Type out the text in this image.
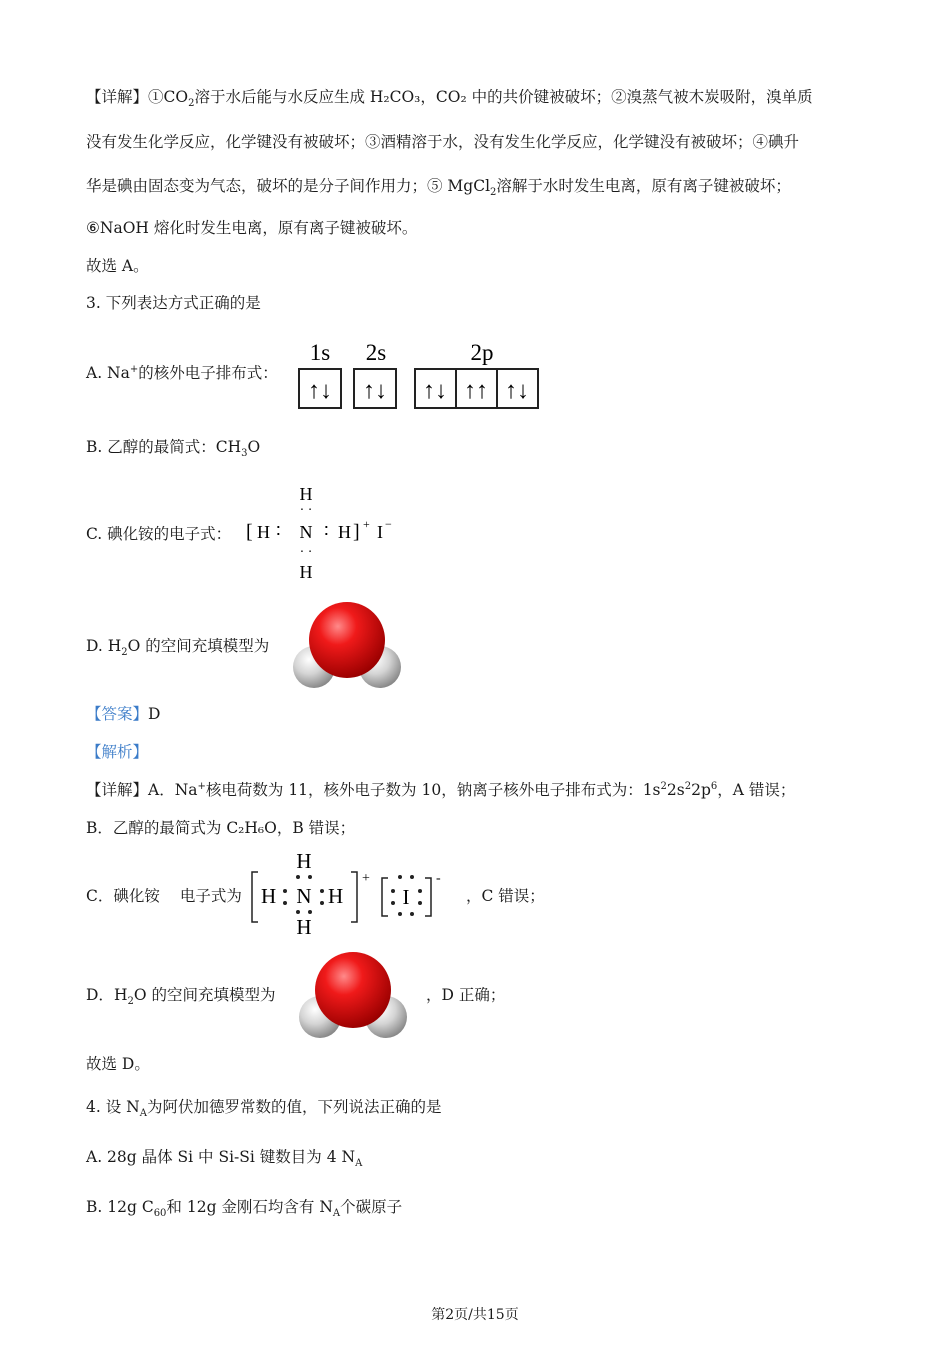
【详解】$①CO_2$溶于水后能与水反应生成 H₂CO₃，CO₂ 中的共价键被破坏；②溴蒸气被木炭吸附，溴单质
没有发生化学反应，化学键没有被破坏；③酒精溶于水，没有发生化学反应，化学键没有被破坏；④碘升
华是碘由固态变为气态，破坏的是分子间作用力；⑤ MgCl$_2$溶解于水时发生电离，原有离子键被破坏；
⑥NaOH 熔化时发生电离，原有离子键被破坏。
故选 A。
3. 下列表达方式正确的是
A. Na+的核外电子排布式：
1s 2s	2p
↑↓ ↑↓ ↑↓ ↑↑ ↑↓
B. 乙醇的最简式：$CH_3O$
C. 碘化铵的电子式：
H
· ·
[ H ∶ N ∶ H ] + I −
· ·
H
D. $H_2O$ 的空间充填模型为
【答案】D
【解析】
【详解】A．Na+核电荷数为 11，核外电子数为 10，钠离子核外电子排布式为：$1s^22s^22p^6$，A 错误；
B．乙醇的最简式为 C₂H₆O，B 错误；
C．碘化铵 电子式为
H
H N H
H
+
I
-
，C 错误；
D．$H_2O$ 的空间充填模型为	，D 正确；
故选 D。
4. 设 $N_A$为阿伏加德罗常数的值，下列说法正确的是
A. 28g 晶体 Si 中 Si-Si 键数目为 4 $N_A$
B. 12g $C_{60}$和 12g 金刚石均含有 $N_A$个碳原子
第2页/共15页
